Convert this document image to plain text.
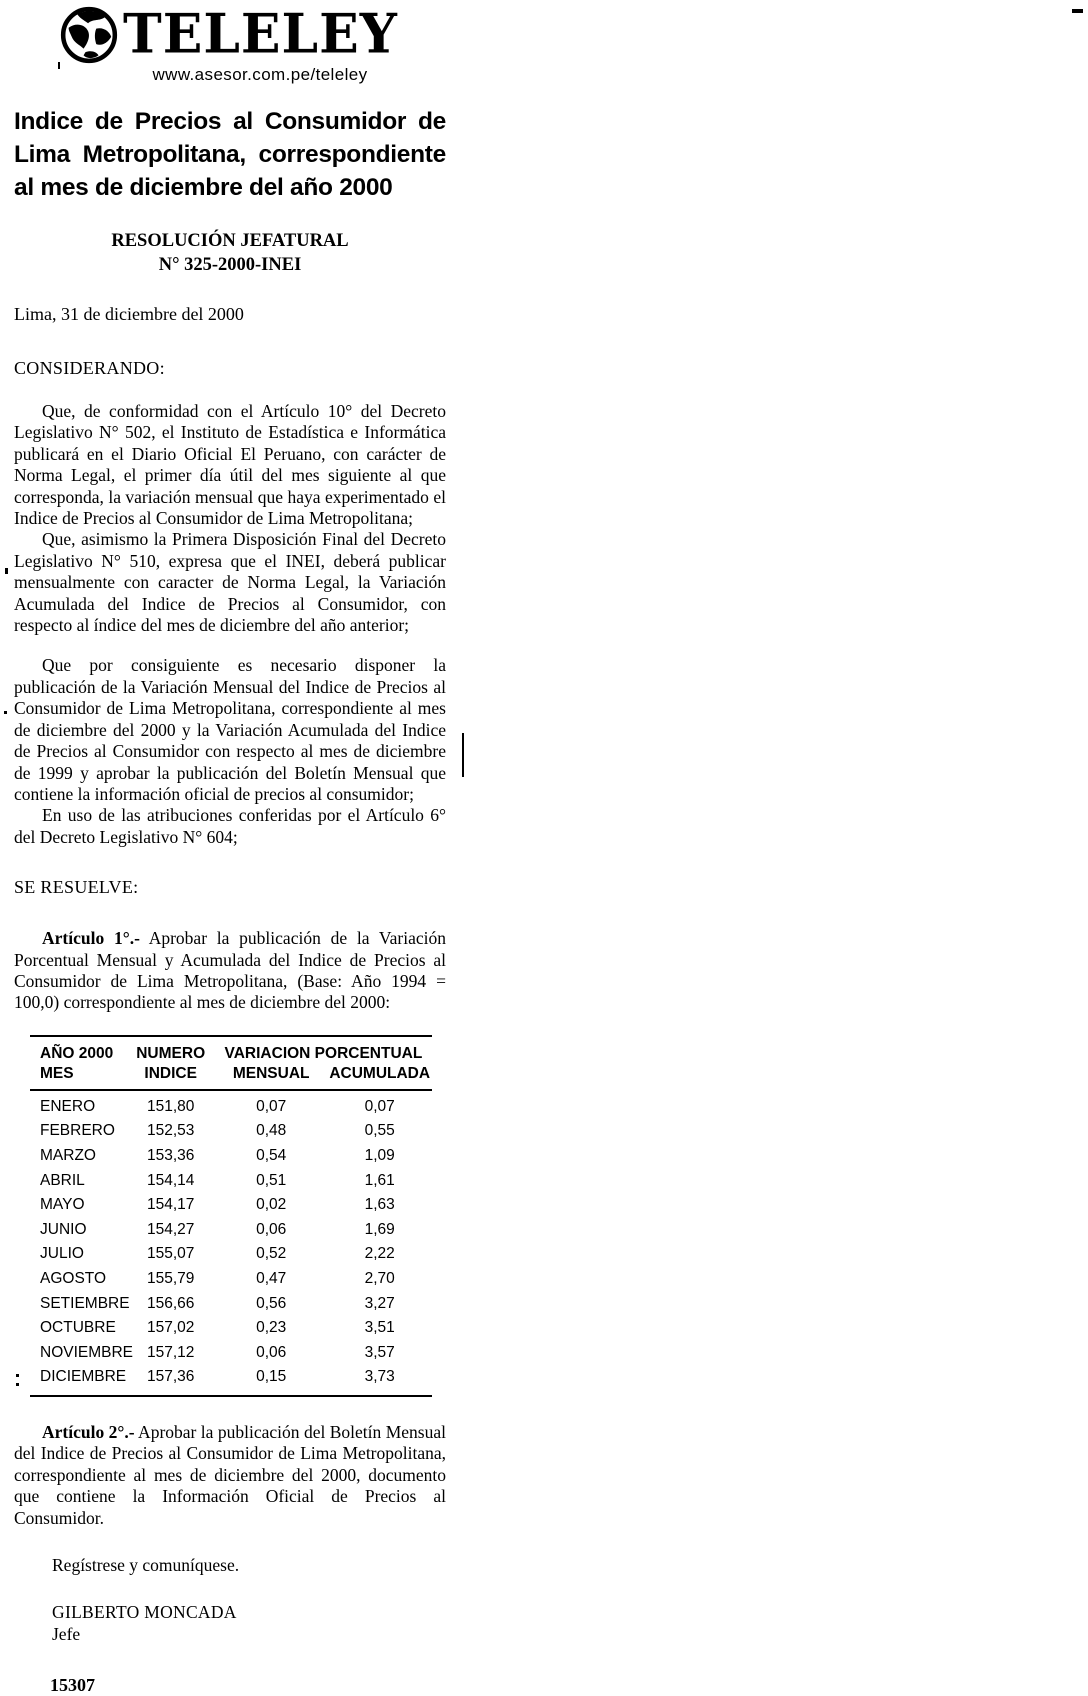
TELELEY
www.asesor.com.pe/teleley
Indice de Precios al Consumidor de
Lima Metropolitana, correspondiente
al mes de diciembre del año 2000
RESOLUCIÓN JEFATURAL
N° 325-2000-INEI
Lima, 31 de diciembre del 2000
CONSIDERANDO:

Que, de conformidad con el Artículo 10° del Decreto Legislativo N° 502, el Instituto de Estadística e Informática publicará en el Diario Oficial El Peruano, con carácter de Norma Legal, el primer día útil del mes siguiente al que corresponda, la variación mensual que haya experimentado el Indice de Precios al Consumidor de Lima Metropolitana;

Que, asimismo la Primera Disposición Final del Decreto Legislativo N° 510, expresa que el INEI, deberá publicar mensualmente con caracter de Norma Legal, la Variación Acumulada del Indice de Precios al Consumidor, con respecto al índice del mes de diciembre del año anterior;

Que por consiguiente es necesario disponer la publicación de la Variación Mensual del Indice de Precios al Consumidor de Lima Metropolitana, correspondiente al mes de diciembre del 2000 y la Variación Acumulada del Indice de Precios al Consumidor con respecto al mes de diciembre de 1999 y aprobar la publicación del Boletín Mensual que contiene la información oficial de precios al consumidor;

En uso de las atribuciones conferidas por el Artículo 6° del Decreto Legislativo N° 604;

SE RESUELVE:

Artículo 1°.- Aprobar la publicación de la Variación Porcentual Mensual y Acumulada del Indice de Precios al Consumidor de Lima Metropolitana, (Base: Año 1994 = 100,0) correspondiente al mes de diciembre del 2000:

AÑO 2000	NUMERO	VARIACION PORCENTUAL
MES	INDICE	MENSUAL	ACUMULADA
ENERO	151,80	0,07	0,07
FEBRERO	152,53	0,48	0,55
MARZO	153,36	0,54	1,09
ABRIL	154,14	0,51	1,61
MAYO	154,17	0,02	1,63
JUNIO	154,27	0,06	1,69
JULIO	155,07	0,52	2,22
AGOSTO	155,79	0,47	2,70
SETIEMBRE	156,66	0,56	3,27
OCTUBRE	157,02	0,23	3,51
NOVIEMBRE 157,12	0,06	3,57
DICIEMBRE	157,36	0,15	3,73

Artículo 2°.- Aprobar la publicación del Boletín Mensual del Indice de Precios al Consumidor de Lima Metropolitana, correspondiente al mes de diciembre del 2000, documento que contiene la Información Oficial de Precios al Consumidor.

Regístrese y comuníquese.
GILBERTO MONCADA
Jefe
15307
